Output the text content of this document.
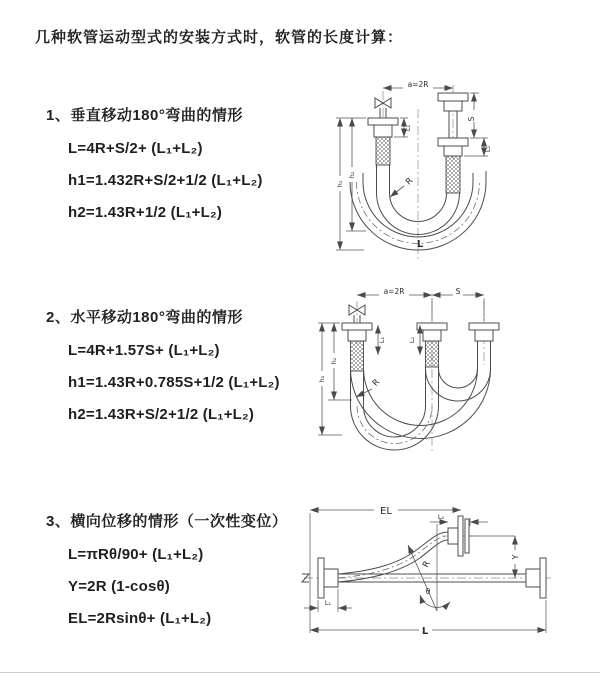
几种软管运动型式的安装方式时，软管的长度计算：
1、垂直移动180°弯曲的情形
L=4R+S/2+ (L₁+L₂)
h1=1.432R+S/2+1/2 (L₁+L₂)
h2=1.43R+1/2 (L₁+L₂)
2、水平移动180°弯曲的情形
L=4R+1.57S+ (L₁+L₂)
h1=1.43R+0.785S+1/2 (L₁+L₂)
h2=1.43R+S/2+1/2 (L₁+L₂)
3、横向位移的情形（一次性变位）
L=πRθ/90+ (L₁+L₂)
Y=2R (1-cosθ)
EL=2Rsinθ+ (L₁+L₂)
a=2R
S
L₂
L₁
h₁
h₂
R
L
a=2R	S
L₁	L₂
h₁
h₂
R
EL	L₂
Y
R
θ
L₁
L
